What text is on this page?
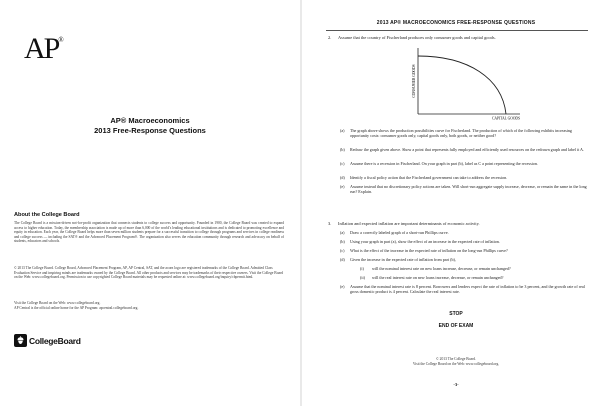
AP®
AP® Macroeconomics
2013 Free-Response Questions
About the College Board

The College Board is a mission-driven not-for-profit organization that connects students to college success and opportunity. Founded in 1900, the College Board was created to expand access to higher education. Today, the membership association is made up of more than 6,000 of the world's leading educational institutions and is dedicated to promoting excellence and equity in education. Each year, the College Board helps more than seven million students prepare for a successful transition to college through programs and services in college readiness and college success — including the SAT® and the Advanced Placement Program®. The organization also serves the education community through research and advocacy on behalf of students, educators and schools.

© 2013 The College Board. College Board, Advanced Placement Program, AP, AP Central, SAT, and the acorn logo are registered trademarks of the College Board. Admitted Class Evaluation Service and inspiring minds are trademarks owned by the College Board. All other products and services may be trademarks of their respective owners. Visit the College Board on the Web: www.collegeboard.org. Permission to use copyrighted College Board materials may be requested online at: www.collegeboard.org/inquiry/cbpermit.html.

Visit the College Board on the Web: www.collegeboard.org.
AP Central is the official online home for the AP Program: apcentral.collegeboard.org.
CollegeBoard
2013 AP® MACROECONOMICS FREE-RESPONSE QUESTIONS
2. Assume that the country of Fischerland produces only consumer goods and capital goods.
CONSUMER GOODS
CAPITAL GOODS
(a)	The graph above shows the production possibilities curve for Fischerland. The production of which of the following exhibits increasing opportunity costs: consumer goods only, capital goods only, both goods, or neither good?
(b)	Redraw the graph given above. Show a point that represents fully employed and efficiently used resources on the redrawn graph and label it A.
(c)	Assume there is a recession in Fischerland. On your graph in part (b), label as C a point representing the recession.
(d)	Identify a fiscal policy action that the Fischerland government can take to address the recession.
(e)	Assume instead that no discretionary policy actions are taken. Will short-run aggregate supply increase, decrease, or remain the same in the long run? Explain.
3. Inflation and expected inflation are important determinants of economic activity.
(a)	Draw a correctly labeled graph of a short-run Phillips curve.
(b)	Using your graph in part (a), show the effect of an increase in the expected rate of inflation.
(c)	What is the effect of the increase in the expected rate of inflation on the long-run Phillips curve?
(d)	Given the increase in the expected rate of inflation from part (b),
(i)	will the nominal interest rate on new loans increase, decrease, or remain unchanged?
(ii)	will the real interest rate on new loans increase, decrease, or remain unchanged?
(e)	Assume that the nominal interest rate is 8 percent. Borrowers and lenders expect the rate of inflation to be 3 percent, and the growth rate of real gross domestic product is 4 percent. Calculate the real interest rate.
STOP
END OF EXAM
© 2013 The College Board.
Visit the College Board on the Web: www.collegeboard.org.
-3-
